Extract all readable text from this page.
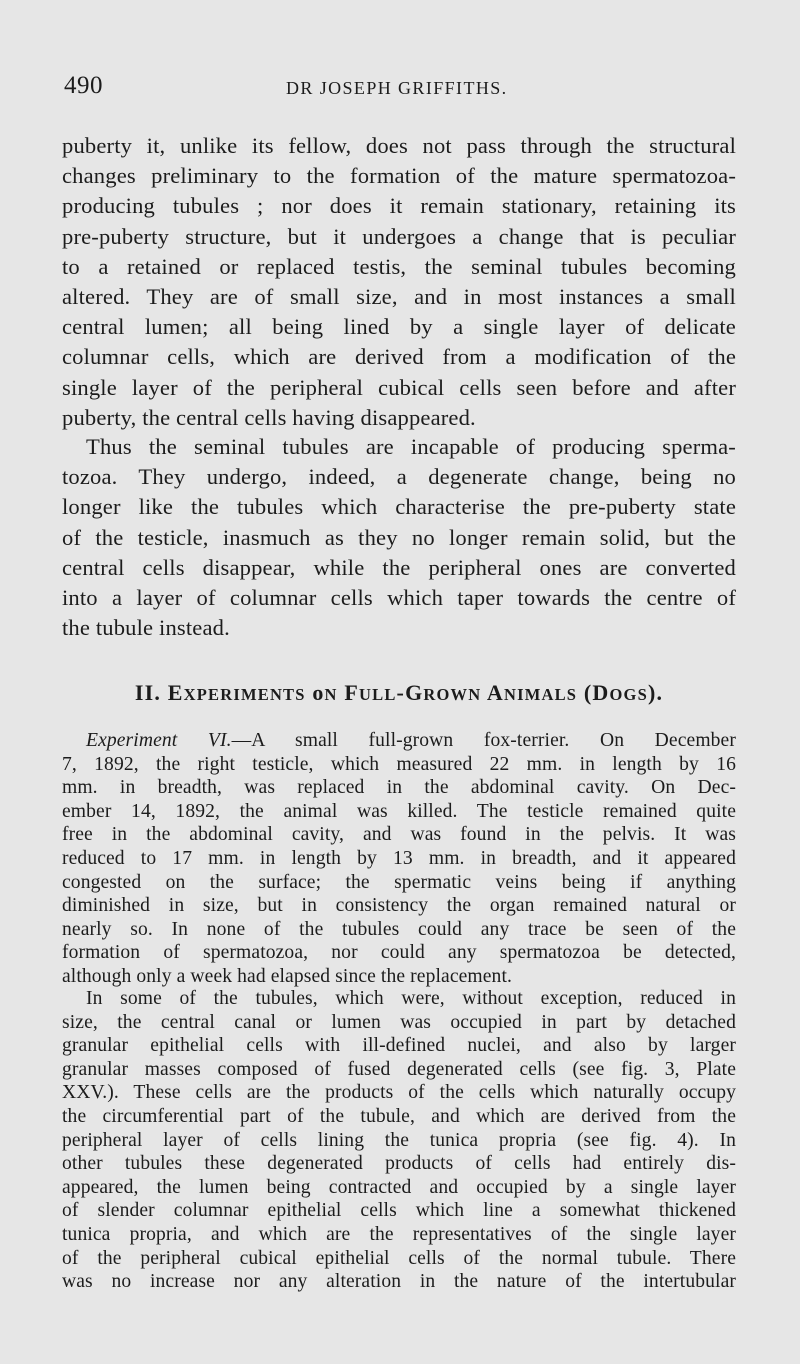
490	DR JOSEPH GRIFFITHS.

puberty it, unlike its fellow, does not pass through the structural
changes preliminary to the formation of the mature spermatozoa-
producing tubules ; nor does it remain stationary, retaining its
pre-puberty structure, but it undergoes a change that is peculiar
to a retained or replaced testis, the seminal tubules becoming
altered. They are of small size, and in most instances a small
central lumen; all being lined by a single layer of delicate
columnar cells, which are derived from a modification of the
single layer of the peripheral cubical cells seen before and after
puberty, the central cells having disappeared.

Thus the seminal tubules are incapable of producing sperma-
tozoa. They undergo, indeed, a degenerate change, being no
longer like the tubules which characterise the pre-puberty state
of the testicle, inasmuch as they no longer remain solid, but the
central cells disappear, while the peripheral ones are converted
into a layer of columnar cells which taper towards the centre of
the tubule instead.

II. EXPERIMENTS oN FULL-GROWN ANIMALS (DOGS).

Experiment VI.—A small full-grown fox-terrier. On December
7, 1892, the right testicle, which measured 22 mm. in length by 16
mm. in breadth, was replaced in the abdominal cavity. On Dec-
ember 14, 1892, the animal was killed. The testicle remained quite
free in the abdominal cavity, and was found in the pelvis. It was
reduced to 17 mm. in length by 13 mm. in breadth, and it appeared
congested on the surface; the spermatic veins being if anything
diminished in size, but in consistency the organ remained natural or
nearly so. In none of the tubules could any trace be seen of the
formation of spermatozoa, nor could any spermatozoa be detected,
although only a week had elapsed since the replacement.

In some of the tubules, which were, without exception, reduced in
size, the central canal or lumen was occupied in part by detached
granular epithelial cells with ill-defined nuclei, and also by larger
granular masses composed of fused degenerated cells (see fig. 3, Plate
XXV.). These cells are the products of the cells which naturally occupy
the circumferential part of the tubule, and which are derived from the
peripheral layer of cells lining the tunica propria (see fig. 4). In
other tubules these degenerated products of cells had entirely dis-
appeared, the lumen being contracted and occupied by a single layer
of slender columnar epithelial cells which line a somewhat thickened
tunica propria, and which are the representatives of the single layer
of the peripheral cubical epithelial cells of the normal tubule. There
was no increase nor any alteration in the nature of the intertubular
